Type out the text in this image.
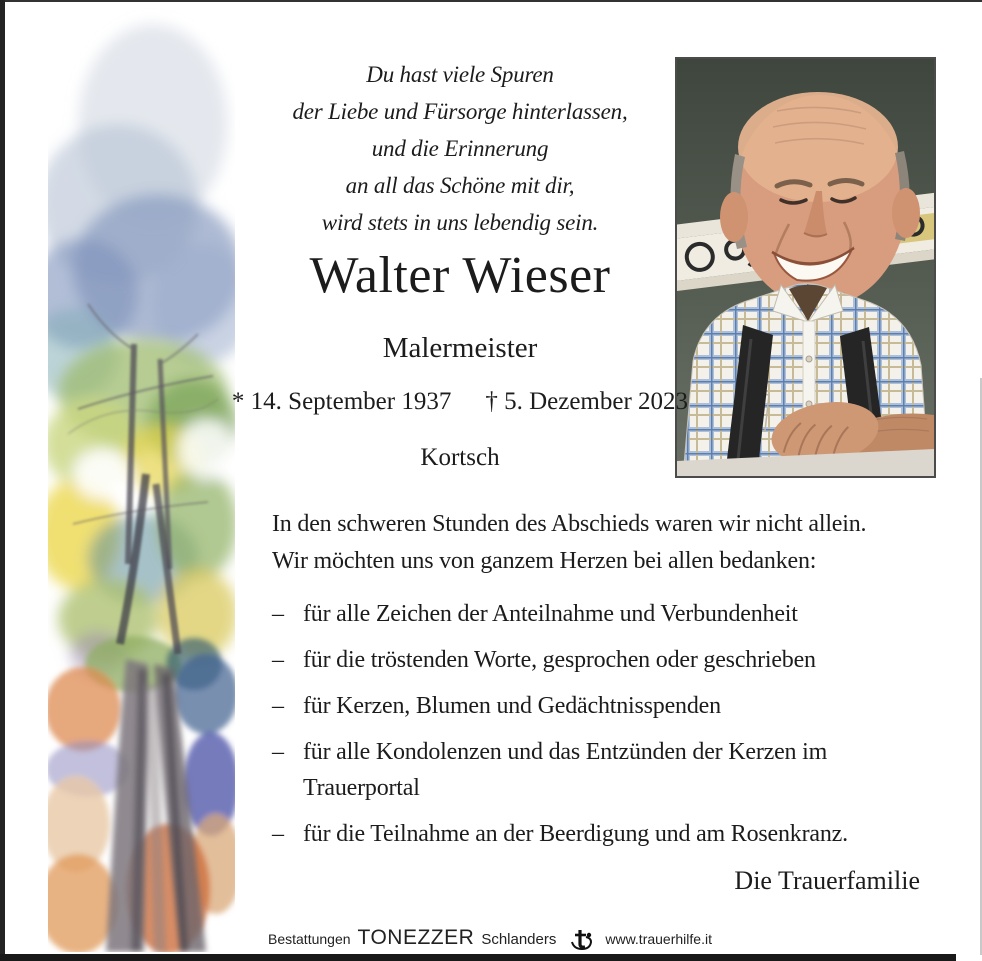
Du hast viele Spuren
der Liebe und Fürsorge hinterlassen,
und die Erinnerung
an all das Schöne mit dir,
wird stets in uns lebendig sein.
Walter Wieser
Malermeister
* 14. September 1937 † 5. Dezember 2023
Kortsch
In den schweren Stunden des Abschieds waren wir nicht allein.
Wir möchten uns von ganzem Herzen bei allen bedanken:
– für alle Zeichen der Anteilnahme und Verbundenheit
– für die tröstenden Worte, gesprochen oder geschrieben
– für Kerzen, Blumen und Gedächtnisspenden
– für alle Kondolenzen und das Entzünden der Kerzen im Trauerportal
– für die Teilnahme an der Beerdigung und am Rosenkranz.
Die Trauerfamilie
Bestattungen TONEZZER Schlanders	www.trauerhilfe.it
